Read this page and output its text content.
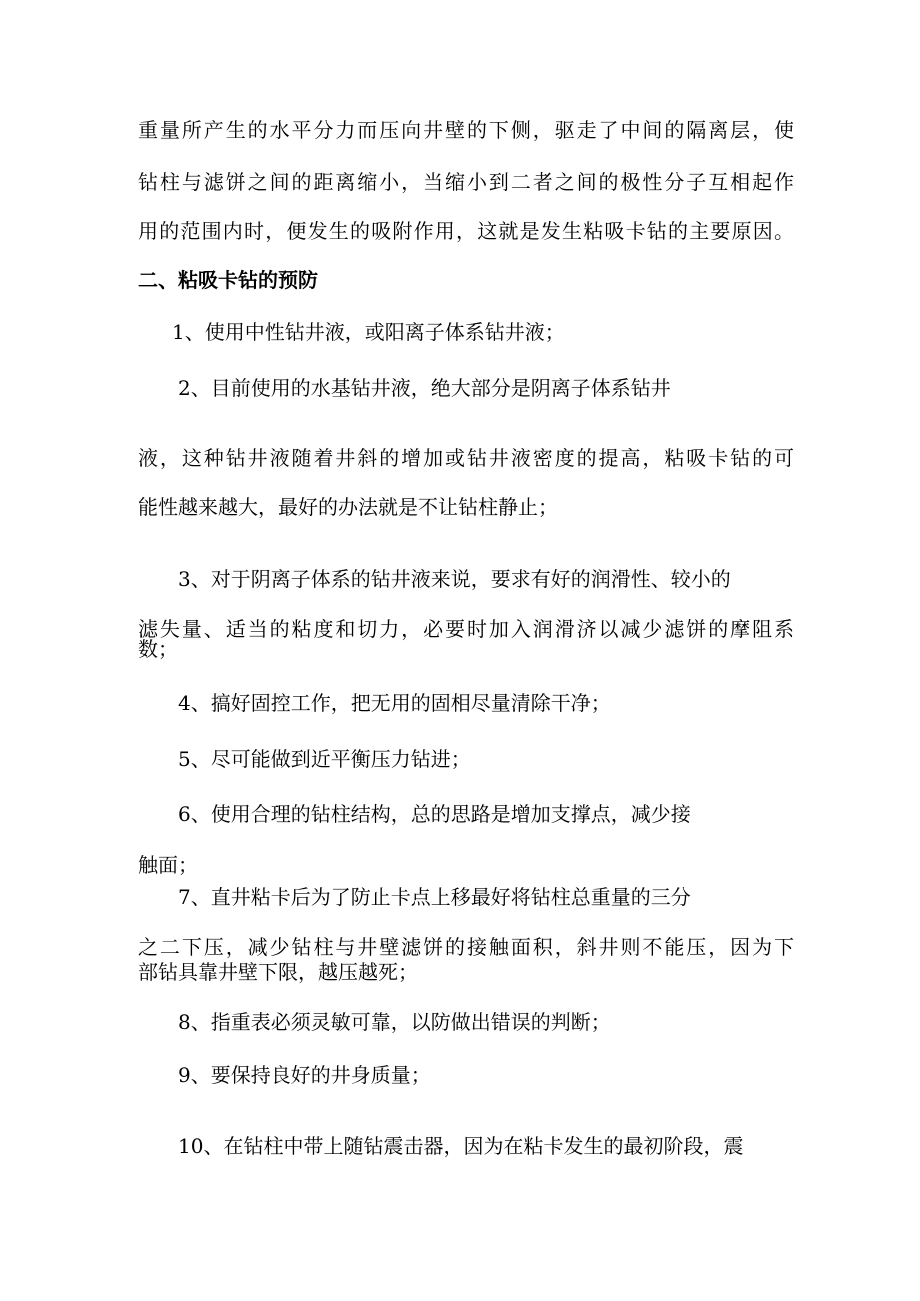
重量所产生的水平分力而压向井壁的下侧，驱走了中间的隔离层，使

钻柱与滤饼之间的距离缩小，当缩小到二者之间的极性分子互相起作

用的范围内时，便发生的吸附作用，这就是发生粘吸卡钻的主要原因。

二、粘吸卡钻的预防

1、使用中性钻井液，或阳离子体系钻井液；

2、目前使用的水基钻井液，绝大部分是阴离子体系钻井

液，这种钻井液随着井斜的增加或钻井液密度的提高，粘吸卡钻的可

能性越来越大，最好的办法就是不让钻柱静止；

3、对于阴离子体系的钻井液来说，要求有好的润滑性、较小的

滤失量、适当的粘度和切力，必要时加入润滑济以减少滤饼的摩阻系

数；

4、搞好固控工作，把无用的固相尽量清除干净；

5、尽可能做到近平衡压力钻进；

6、使用合理的钻柱结构，总的思路是增加支撑点，减少接

触面；

7、直井粘卡后为了防止卡点上移最好将钻柱总重量的三分

之二下压，减少钻柱与井壁滤饼的接触面积，斜井则不能压，因为下

部钻具靠井壁下限，越压越死；

8、指重表必须灵敏可靠，以防做出错误的判断；

9、要保持良好的井身质量；

10、在钻柱中带上随钻震击器，因为在粘卡发生的最初阶段，震
